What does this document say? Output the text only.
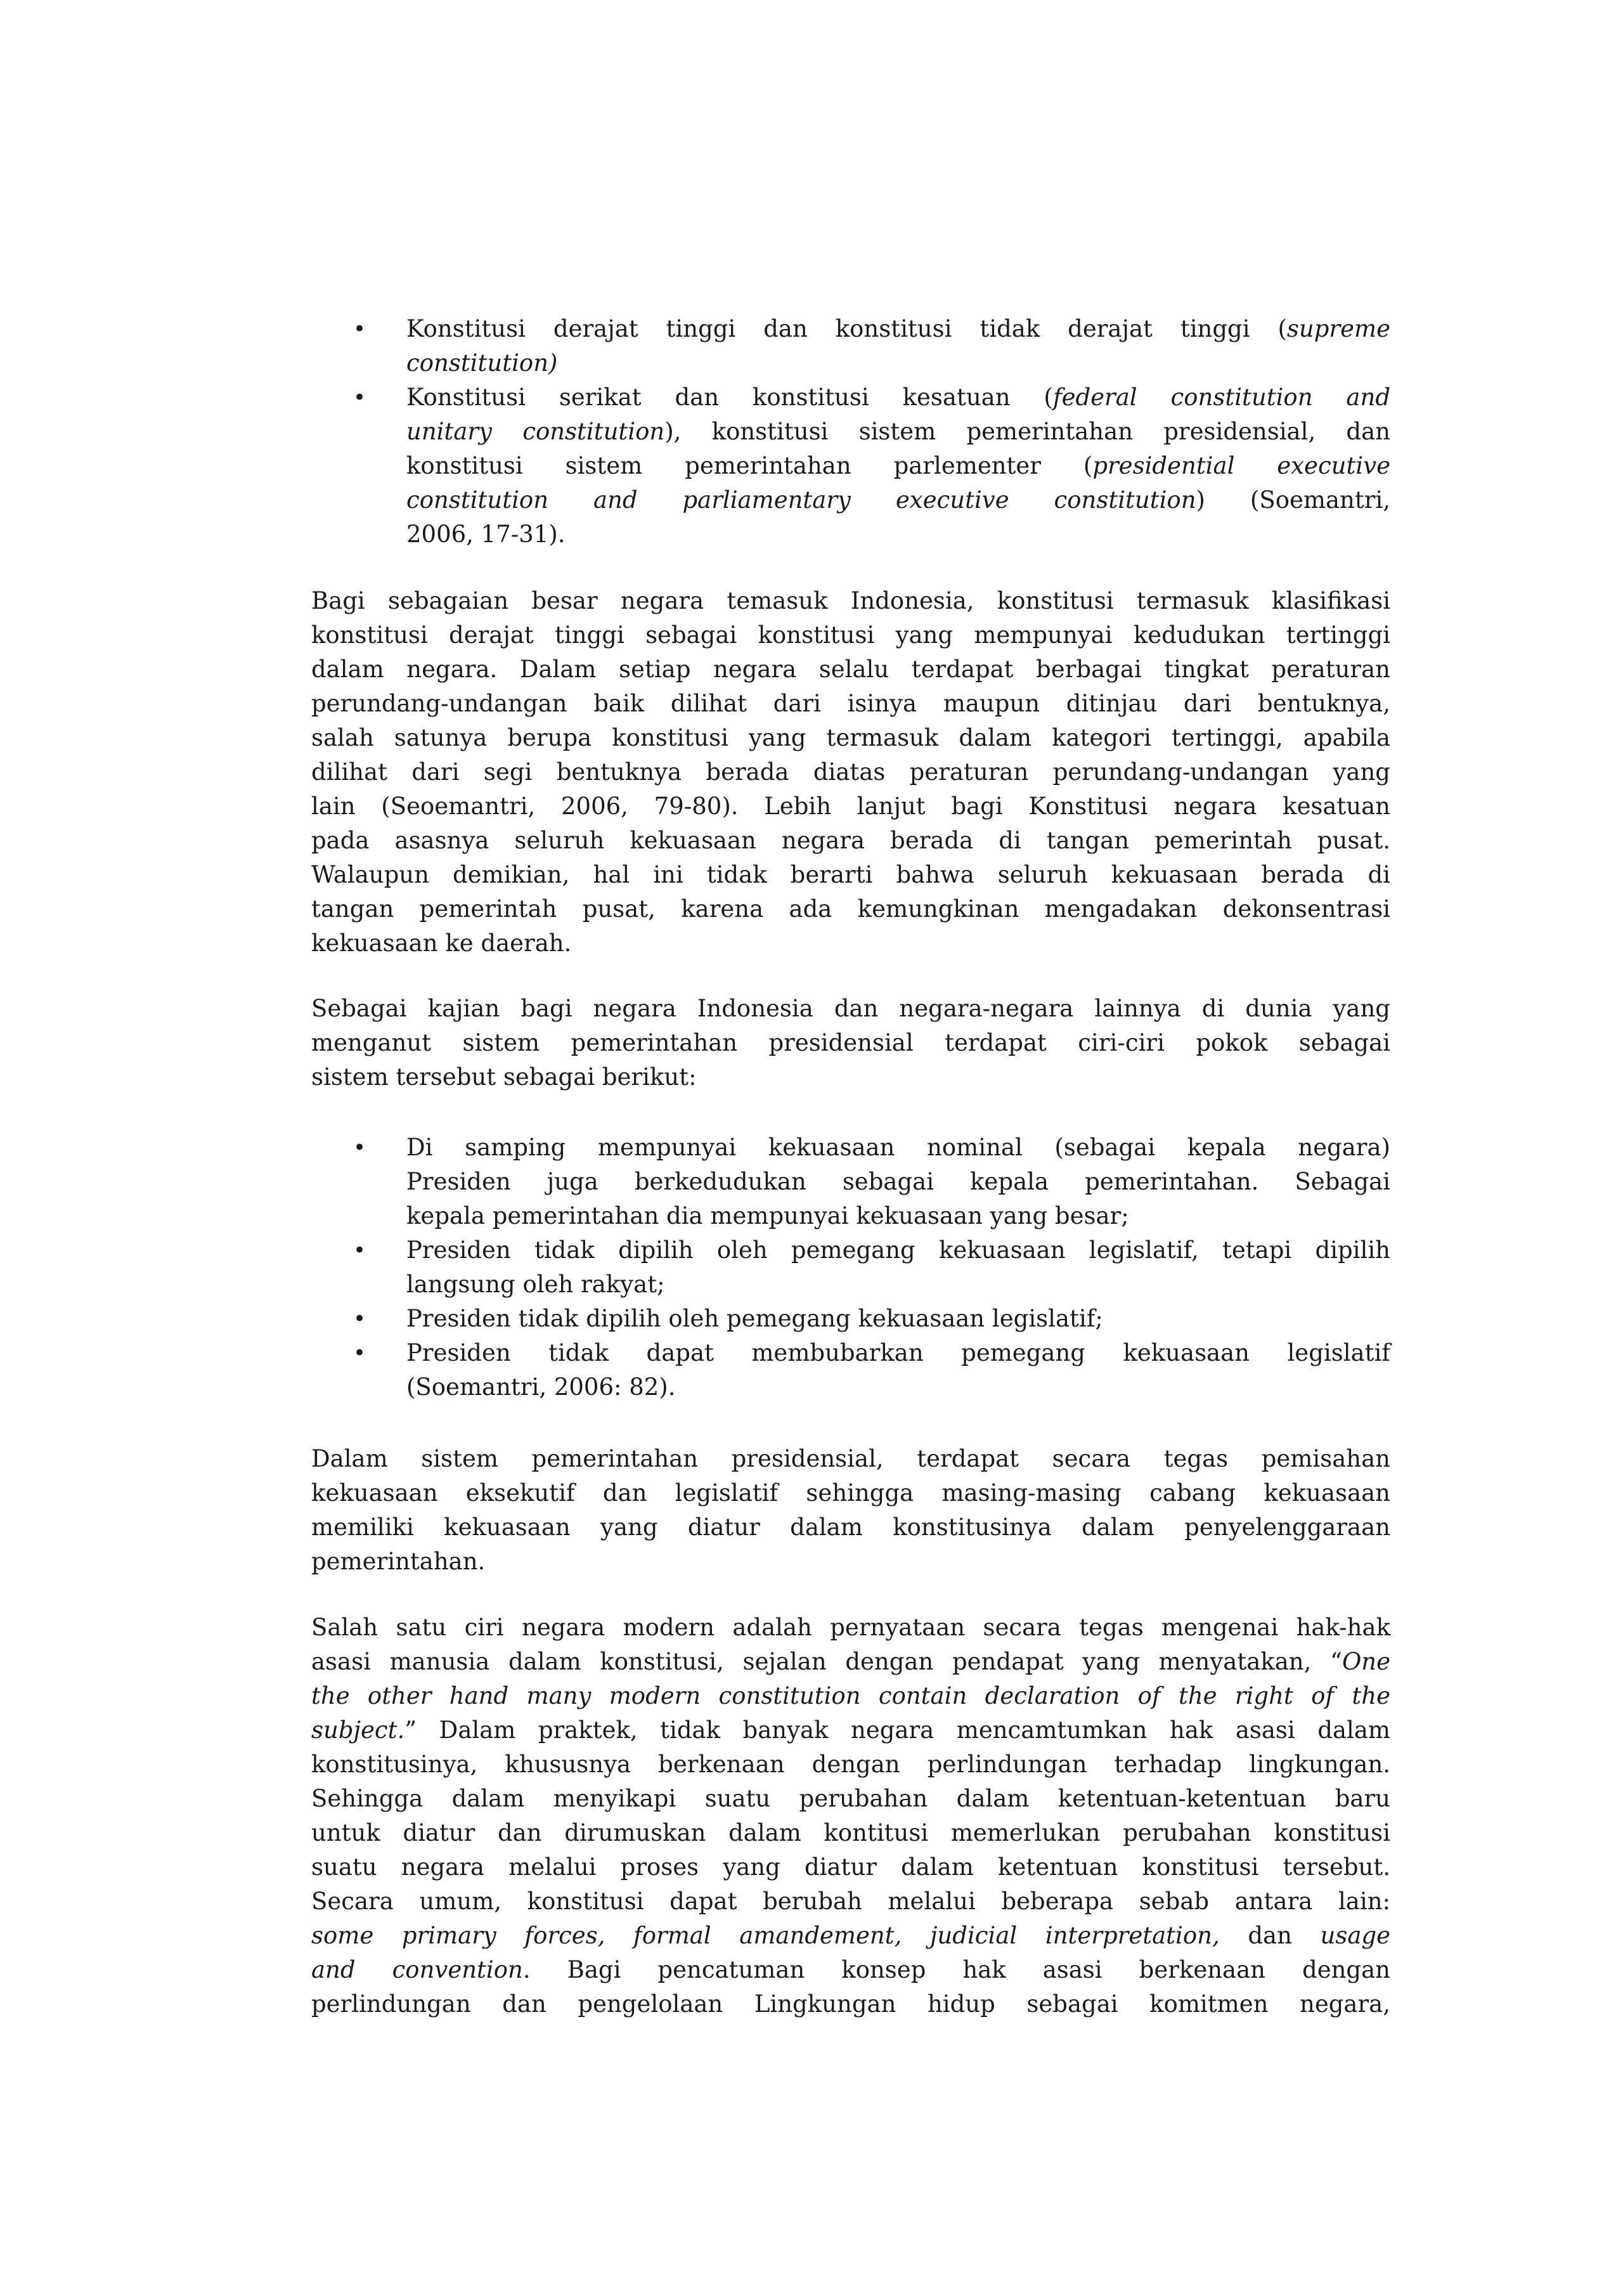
• Konstitusi derajat tinggi dan konstitusi tidak derajat tinggi (supreme
constitution)
• Konstitusi serikat dan konstitusi kesatuan (federal constitution and
unitary constitution), konstitusi sistem pemerintahan presidensial, dan
konstitusi sistem pemerintahan parlementer (presidential executive
constitution and parliamentary executive constitution) (Soemantri,
2006, 17-31).
Bagi sebagaian besar negara temasuk Indonesia, konstitusi termasuk klasifikasi
konstitusi derajat tinggi sebagai konstitusi yang mempunyai kedudukan tertinggi
dalam negara. Dalam setiap negara selalu terdapat berbagai tingkat peraturan
perundang-undangan baik dilihat dari isinya maupun ditinjau dari bentuknya,
salah satunya berupa konstitusi yang termasuk dalam kategori tertinggi, apabila
dilihat dari segi bentuknya berada diatas peraturan perundang-undangan yang
lain (Seoemantri, 2006, 79-80). Lebih lanjut bagi Konstitusi negara kesatuan
pada asasnya seluruh kekuasaan negara berada di tangan pemerintah pusat.
Walaupun demikian, hal ini tidak berarti bahwa seluruh kekuasaan berada di
tangan pemerintah pusat, karena ada kemungkinan mengadakan dekonsentrasi
kekuasaan ke daerah.
Sebagai kajian bagi negara Indonesia dan negara-negara lainnya di dunia yang
menganut sistem pemerintahan presidensial terdapat ciri-ciri pokok sebagai
sistem tersebut sebagai berikut:
• Di samping mempunyai kekuasaan nominal (sebagai kepala negara)
Presiden juga berkedudukan sebagai kepala pemerintahan. Sebagai
kepala pemerintahan dia mempunyai kekuasaan yang besar;
• Presiden tidak dipilih oleh pemegang kekuasaan legislatif, tetapi dipilih
langsung oleh rakyat;
• Presiden tidak dipilih oleh pemegang kekuasaan legislatif;
• Presiden tidak dapat membubarkan pemegang kekuasaan legislatif
(Soemantri, 2006: 82).
Dalam sistem pemerintahan presidensial, terdapat secara tegas pemisahan
kekuasaan eksekutif dan legislatif sehingga masing-masing cabang kekuasaan
memiliki kekuasaan yang diatur dalam konstitusinya dalam penyelenggaraan
pemerintahan.
Salah satu ciri negara modern adalah pernyataan secara tegas mengenai hak-hak
asasi manusia dalam konstitusi, sejalan dengan pendapat yang menyatakan, “One
the other hand many modern constitution contain declaration of the right of the
subject.” Dalam praktek, tidak banyak negara mencamtumkan hak asasi dalam
konstitusinya, khususnya berkenaan dengan perlindungan terhadap lingkungan.
Sehingga dalam menyikapi suatu perubahan dalam ketentuan-ketentuan baru
untuk diatur dan dirumuskan dalam kontitusi memerlukan perubahan konstitusi
suatu negara melalui proses yang diatur dalam ketentuan konstitusi tersebut.
Secara umum, konstitusi dapat berubah melalui beberapa sebab antara lain:
some primary forces, formal amandement, judicial interpretation, dan usage
and convention. Bagi pencatuman konsep hak asasi berkenaan dengan
perlindungan dan pengelolaan Lingkungan hidup sebagai komitmen negara,
